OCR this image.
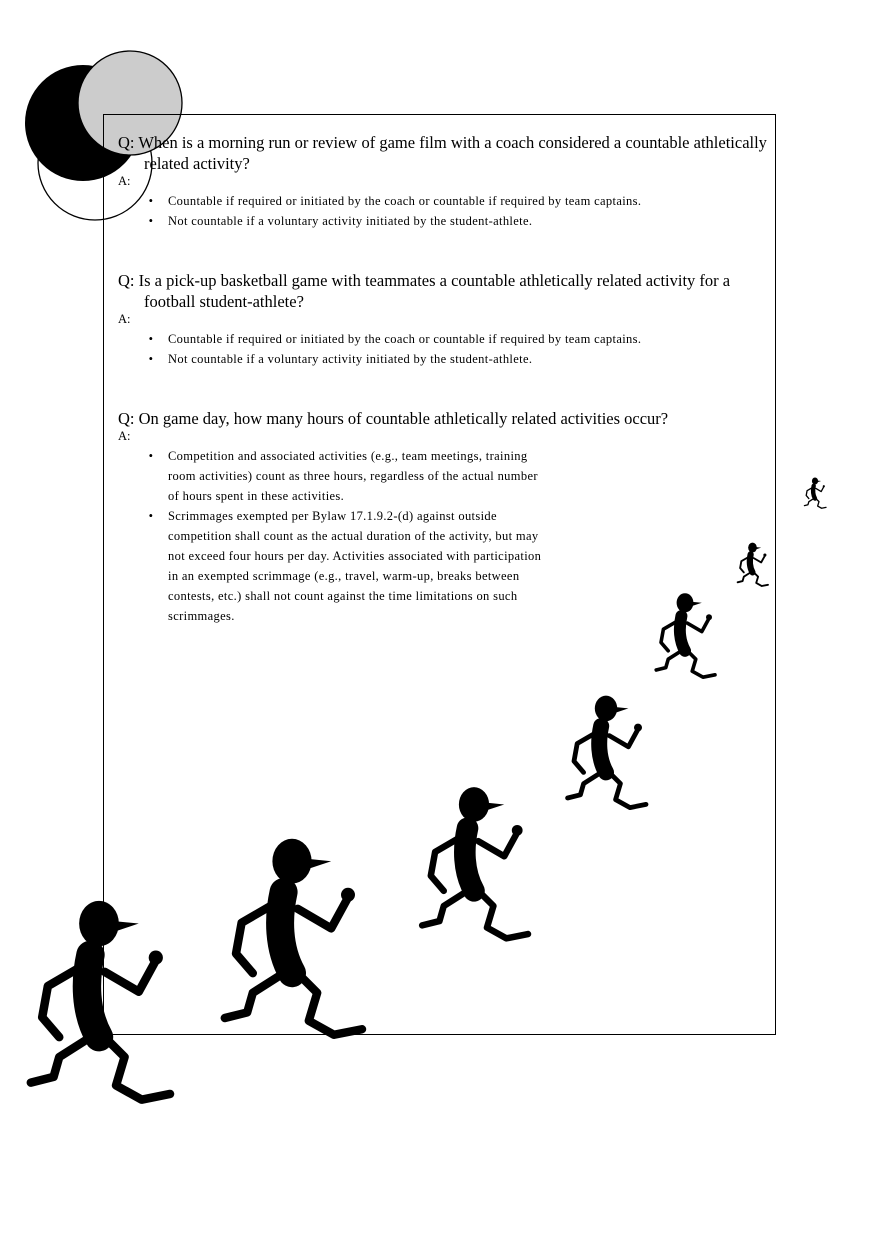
Q: When is a morning run or review of game film with a coach considered a countable athletically related activity?

A:

•	Countable if required or initiated by the coach or countable if required by team captains.
•	Not countable if a voluntary activity initiated by the student-athlete.

Q: Is a pick-up basketball game with teammates a countable athletically related activity for a football student-athlete?

A:

•	Countable if required or initiated by the coach or countable if required by team captains.
•	Not countable if a voluntary activity initiated by the student-athlete.

Q: On game day, how many hours of countable athletically related activities occur?

A:

•	Competition and associated activities (e.g., team meetings, training room activities) count as three hours, regardless of the actual number of hours spent in these activities.
•	Scrimmages exempted per Bylaw 17.1.9.2-(d) against outside competition shall count as the actual duration of the activity, but may not exceed four hours per day. Activities associated with participation in an exempted scrimmage (e.g., travel, warm-up, breaks between contests, etc.) shall not count against the time limitations on such scrimmages.
